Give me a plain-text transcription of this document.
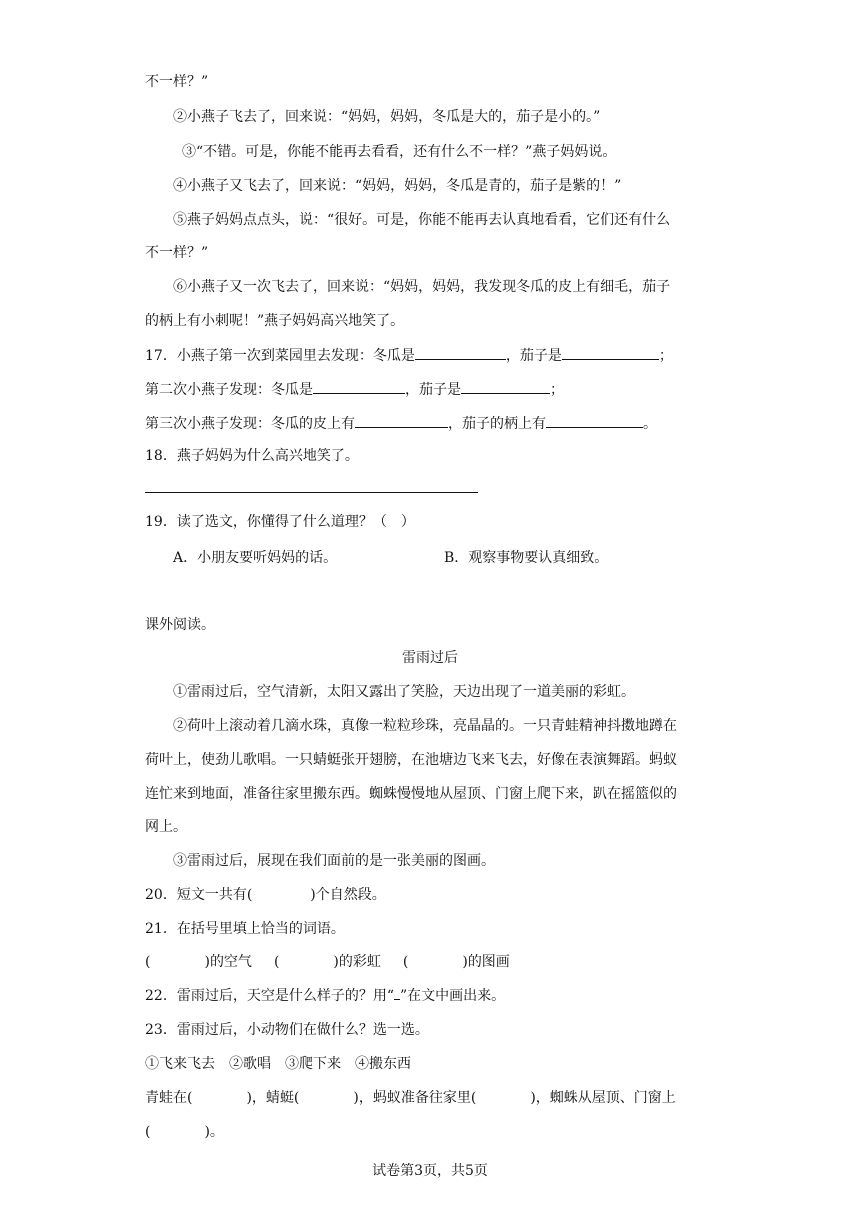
不一样？”
②小燕子飞去了，回来说：“妈妈，妈妈，冬瓜是大的，茄子是小的。”
③“不错。可是，你能不能再去看看，还有什么不一样？”燕子妈妈说。
④小燕子又飞去了，回来说：“妈妈，妈妈，冬瓜是青的，茄子是紫的！”
⑤燕子妈妈点点头，说：“很好。可是，你能不能再去认真地看看，它们还有什么
不一样？”
⑥小燕子又一次飞去了，回来说：“妈妈，妈妈，我发现冬瓜的皮上有细毛，茄子
的柄上有小刺呢！”燕子妈妈高兴地笑了。
17．小燕子第一次到菜园里去发现：冬瓜是	，茄子是	；
第二次小燕子发现：冬瓜是	，茄子是	；
第三次小燕子发现：冬瓜的皮上有	，茄子的柄上有	。
18．燕子妈妈为什么高兴地笑了。
19．读了选文，你懂得了什么道理？（　）
A．小朋友要听妈妈的话。	B．观察事物要认真细致。
课外阅读。
雷雨过后
①雷雨过后，空气清新，太阳又露出了笑脸，天边出现了一道美丽的彩虹。
②荷叶上滚动着几滴水珠，真像一粒粒珍珠，亮晶晶的。一只青蛙精神抖擞地蹲在
荷叶上，使劲儿歌唱。一只蜻蜓张开翅膀，在池塘边飞来飞去，好像在表演舞蹈。蚂蚁
连忙来到地面，准备往家里搬东西。蜘蛛慢慢地从屋顶、门窗上爬下来，趴在摇篮似的
网上。
③雷雨过后，展现在我们面前的是一张美丽的图画。
20．短文一共有(	)个自然段。
21．在括号里填上恰当的词语。
(	)的空气 (	)的彩虹 (	)的图画
22．雷雨过后，天空是什么样子的？用“ ”在文中画出来。
23．雷雨过后，小动物们在做什么？选一选。
①飞来飞去　②歌唱　③爬下来　④搬东西
青蛙在(	)，蜻蜓(	)，蚂蚁准备往家里(	)，蜘蛛从屋顶、门窗上
(	)。
试卷第3页，共5页
